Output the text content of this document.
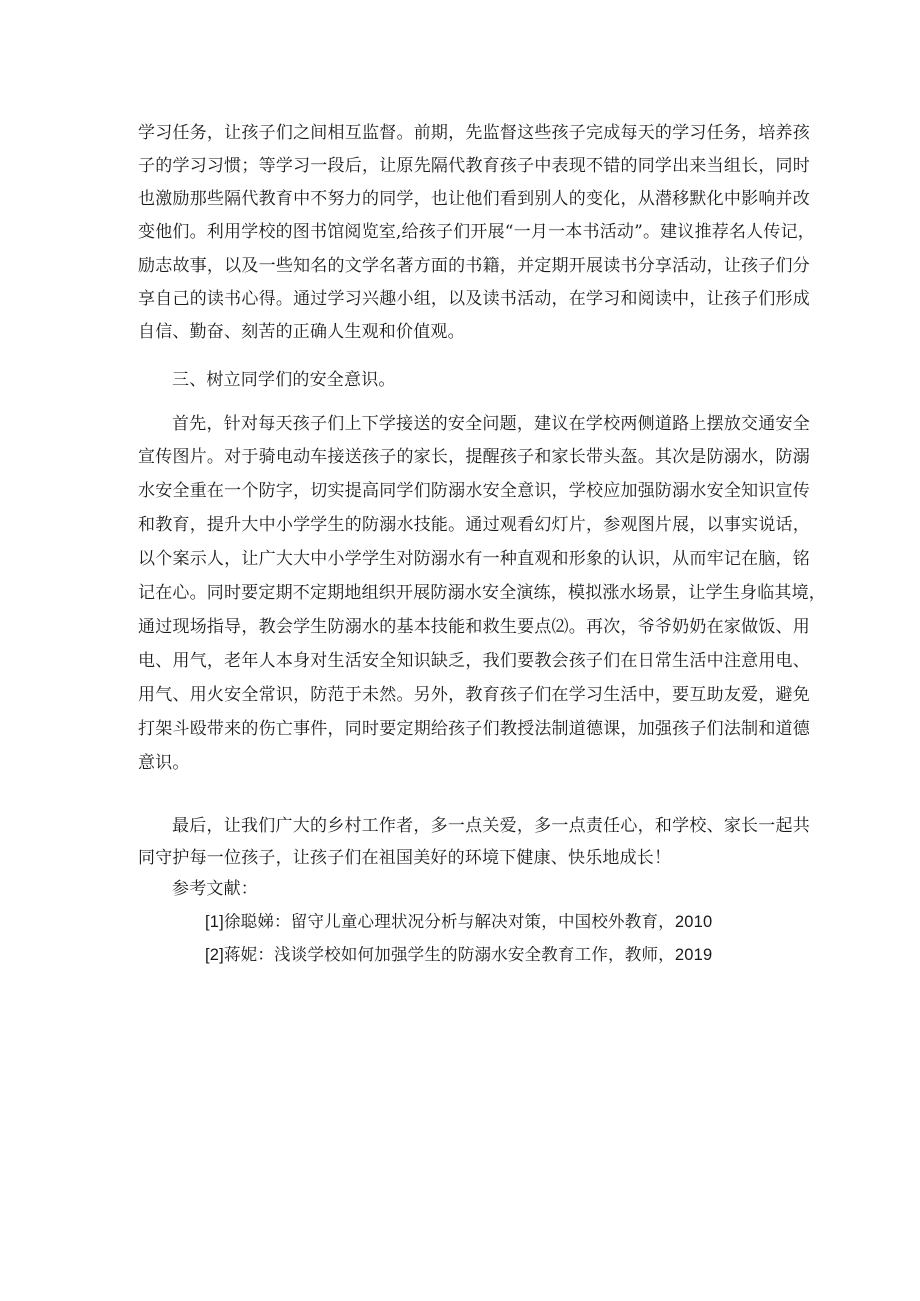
学习任务，让孩子们之间相互监督。前期，先监督这些孩子完成每天的学习任务，培养孩
子的学习习惯；等学习一段后，让原先隔代教育孩子中表现不错的同学出来当组长，同时
也激励那些隔代教育中不努力的同学，也让他们看到别人的变化，从潜移默化中影响并改
变他们。利用学校的图书馆阅览室,给孩子们开展“一月一本书活动”。建议推荐名人传记，
励志故事，以及一些知名的文学名著方面的书籍，并定期开展读书分享活动，让孩子们分
享自己的读书心得。通过学习兴趣小组，以及读书活动，在学习和阅读中，让孩子们形成
自信、勤奋、刻苦的正确人生观和价值观。
三、树立同学们的安全意识。
首先，针对每天孩子们上下学接送的安全问题，建议在学校两侧道路上摆放交通安全
宣传图片。对于骑电动车接送孩子的家长，提醒孩子和家长带头盔。其次是防溺水，防溺
水安全重在一个防字，切实提高同学们防溺水安全意识，学校应加强防溺水安全知识宣传
和教育，提升大中小学学生的防溺水技能。通过观看幻灯片，参观图片展，以事实说话，
以个案示人，让广大大中小学学生对防溺水有一种直观和形象的认识，从而牢记在脑，铭
记在心。同时要定期不定期地组织开展防溺水安全演练，模拟涨水场景，让学生身临其境，
通过现场指导，教会学生防溺水的基本技能和救生要点⑵。再次，爷爷奶奶在家做饭、用
电、用气，老年人本身对生活安全知识缺乏，我们要教会孩子们在日常生活中注意用电、
用气、用火安全常识，防范于未然。另外，教育孩子们在学习生活中，要互助友爱，避免
打架斗殴带来的伤亡事件，同时要定期给孩子们教授法制道德课，加强孩子们法制和道德
意识。
最后，让我们广大的乡村工作者，多一点关爱，多一点责任心，和学校、家长一起共
同守护每一位孩子，让孩子们在祖国美好的环境下健康、快乐地成长！
参考文献：
[1]徐聪娣：留守儿童心理状况分析与解决对策，中国校外教育，2010
[2]蒋妮：浅谈学校如何加强学生的防溺水安全教育工作，教师，2019
